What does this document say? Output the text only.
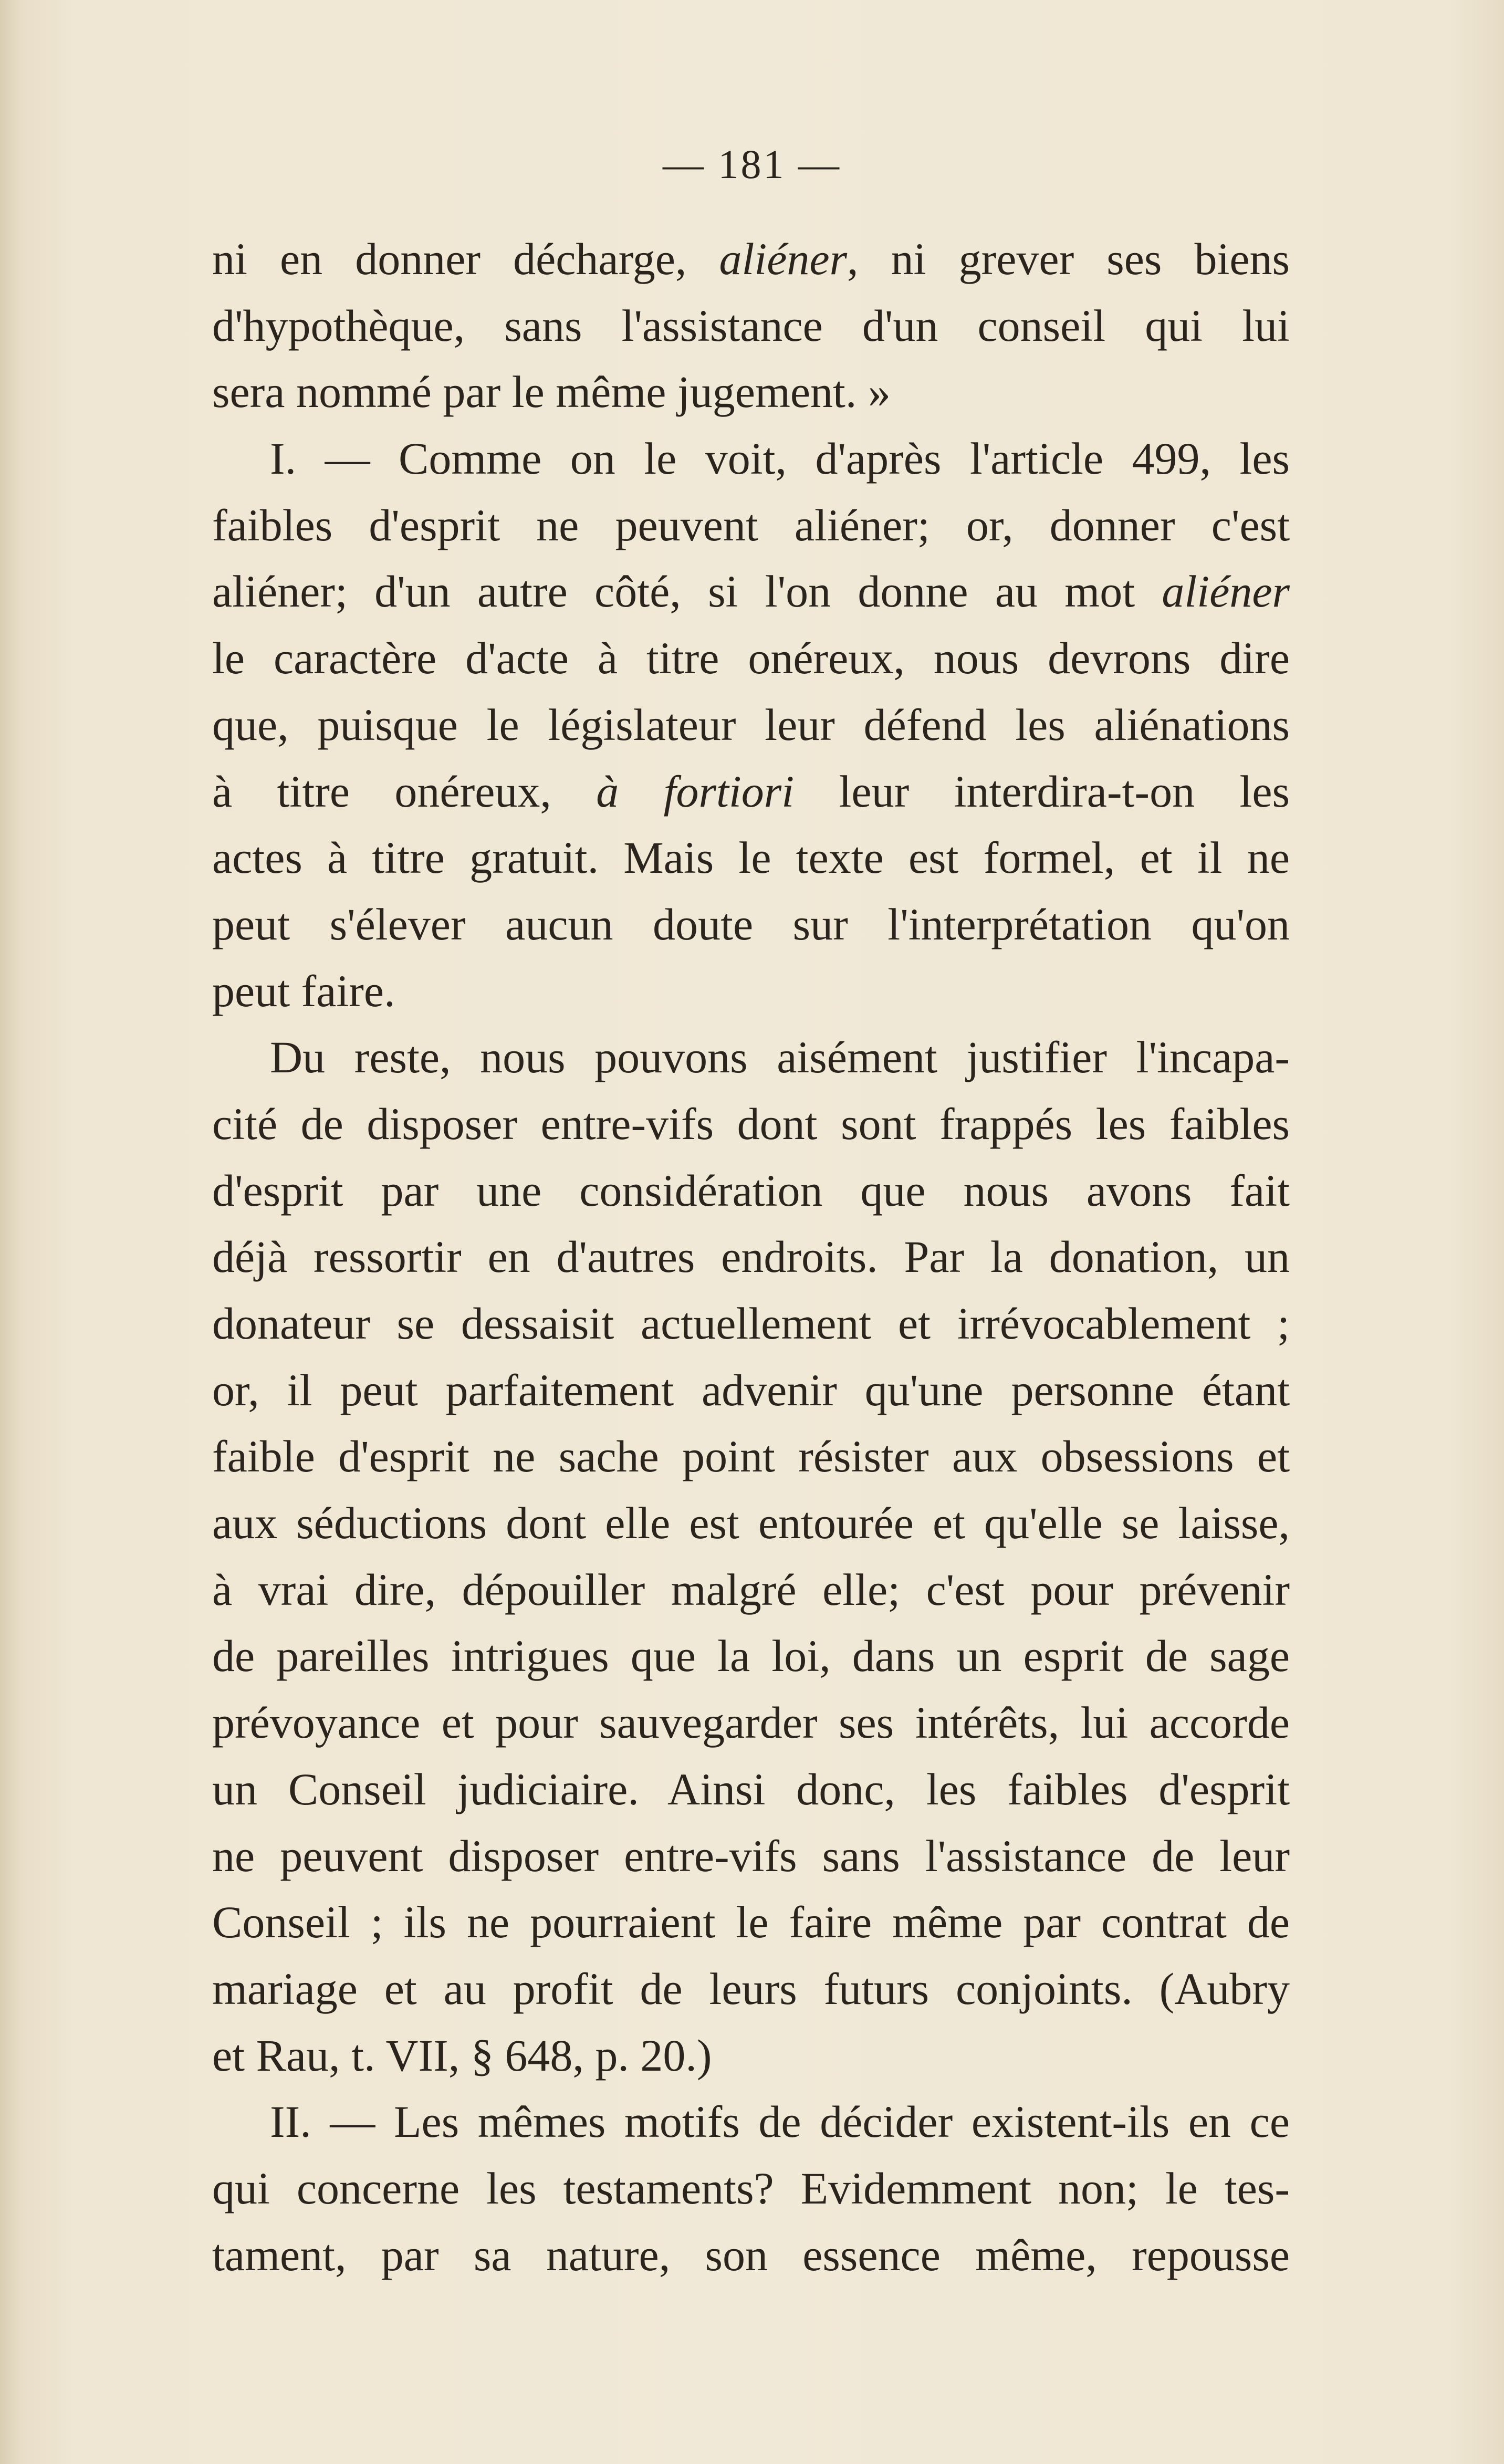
— 181 —
ni en donner décharge, aliéner, ni grever ses biens
d'hypothèque, sans l'assistance d'un conseil qui lui
sera nommé par le même jugement. »
I. — Comme on le voit, d'après l'article 499, les
faibles d'esprit ne peuvent aliéner; or, donner c'est
aliéner; d'un autre côté, si l'on donne au mot aliéner
le caractère d'acte à titre onéreux, nous devrons dire
que, puisque le législateur leur défend les aliénations
à titre onéreux, à fortiori leur interdira-t-on les
actes à titre gratuit. Mais le texte est formel, et il ne
peut s'élever aucun doute sur l'interprétation qu'on
peut faire.
Du reste, nous pouvons aisément justifier l'incapa-
cité de disposer entre-vifs dont sont frappés les faibles
d'esprit par une considération que nous avons fait
déjà ressortir en d'autres endroits. Par la donation, un
donateur se dessaisit actuellement et irrévocablement ;
or, il peut parfaitement advenir qu'une personne étant
faible d'esprit ne sache point résister aux obsessions et
aux séductions dont elle est entourée et qu'elle se laisse,
à vrai dire, dépouiller malgré elle; c'est pour prévenir
de pareilles intrigues que la loi, dans un esprit de sage
prévoyance et pour sauvegarder ses intérêts, lui accorde
un Conseil judiciaire. Ainsi donc, les faibles d'esprit
ne peuvent disposer entre-vifs sans l'assistance de leur
Conseil ; ils ne pourraient le faire même par contrat de
mariage et au profit de leurs futurs conjoints. (Aubry
et Rau, t. VII, § 648, p. 20.)
II. — Les mêmes motifs de décider existent-ils en ce
qui concerne les testaments? Evidemment non; le tes-
tament, par sa nature, son essence même, repousse
